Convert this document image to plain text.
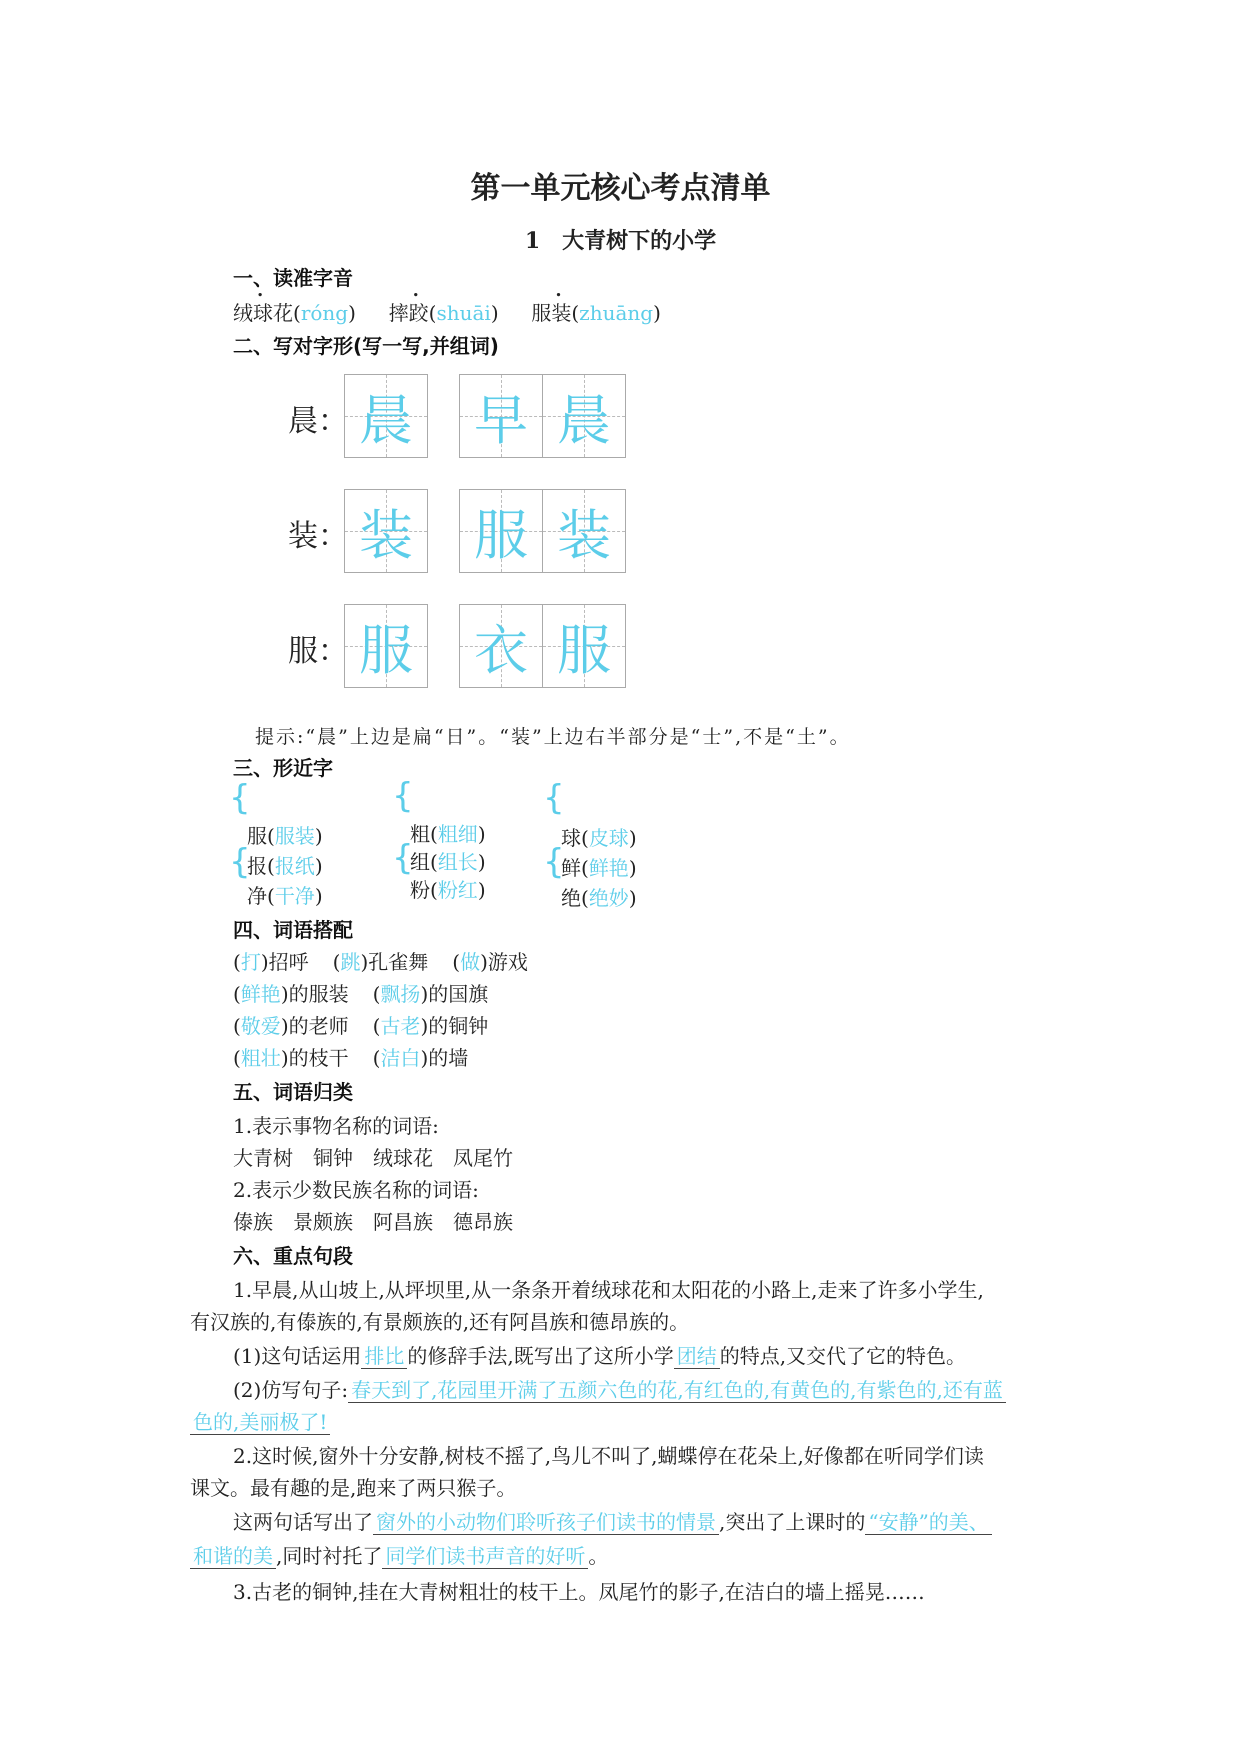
第一单元核心考点清单
1　大青树下的小学
一、读准字音
绒球花(róng) 摔跤(shuāi) 服装(zhuāng)
二、写对字形(写一写,并组词)
晨： 晨 早 晨
装： 装 服 装
服： 服 衣 服
提示:“晨”上边是扁“日”。“装”上边右半部分是“士”,不是“土”。
三、形近字
{
{
服(服装)
报(报纸)
净(干净)
{
{
粗(粗细)
组(组长)
粉(粉红)
{
{
球(皮球)
鲜(鲜艳)
绝(绝妙)
四、词语搭配
(打)招呼 (跳)孔雀舞 (做)游戏
(鲜艳)的服装 (飘扬)的国旗
(敬爱)的老师 (古老)的铜钟
(粗壮)的枝干 (洁白)的墙
五、词语归类
1.表示事物名称的词语:
大青树　铜钟　绒球花　凤尾竹
2.表示少数民族名称的词语:
傣族　景颇族　阿昌族　德昂族
六、重点句段
1.早晨,从山坡上,从坪坝里,从一条条开着绒球花和太阳花的小路上,走来了许多小学生,
有汉族的,有傣族的,有景颇族的,还有阿昌族和德昂族的。
(1)这句话运用 排比 的修辞手法,既写出了这所小学 团结 的特点,又交代了它的特色。
(2)仿写句子: 春天到了,花园里开满了五颜六色的花,有红色的,有黄色的,有紫色的,还有蓝
色的,美丽极了!
2.这时候,窗外十分安静,树枝不摇了,鸟儿不叫了,蝴蝶停在花朵上,好像都在听同学们读
课文。最有趣的是,跑来了两只猴子。
这两句话写出了 窗外的小动物们聆听孩子们读书的情景 ,突出了上课时的 “安静”的美、
和谐的美 ,同时衬托了 同学们读书声音的好听 。
3.古老的铜钟,挂在大青树粗壮的枝干上。凤尾竹的影子,在洁白的墙上摇晃……
